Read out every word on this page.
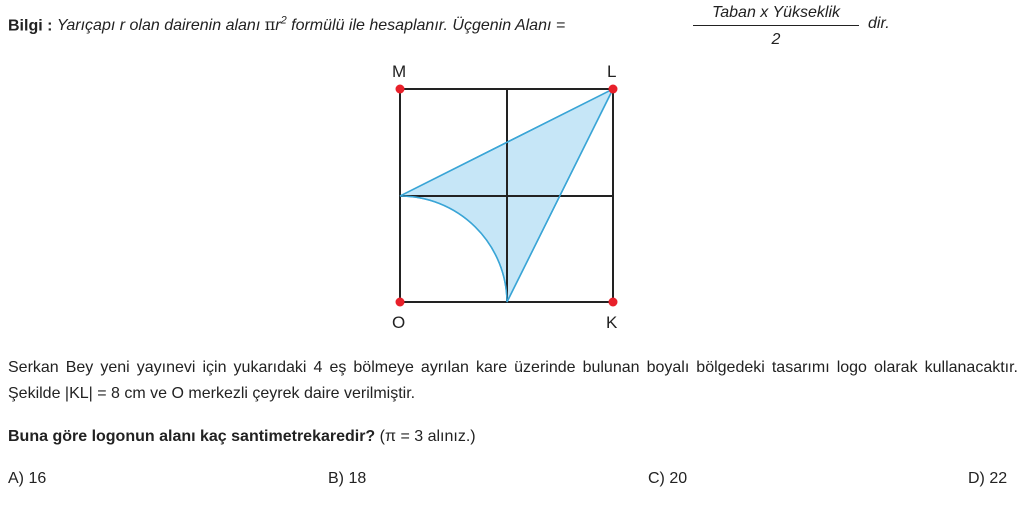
Bilgi : Yarıçapı r olan dairenin alanı $\pi r^2$ formülü ile hesaplanır. Üçgenin Alanı =
Taban x Yükseklik
2
dir.
M	L
O	K
Serkan Bey yeni yayınevi için yukarıdaki 4 eş bölmeye ayrılan kare üzerinde bulunan boyalı bölgedeki tasarımı logo olarak kullanacaktır. Şekilde |KL| = 8 cm ve O merkezli çeyrek daire verilmiştir.
Buna göre logonun alanı kaç santimetrekaredir? (π = 3 alınız.)
A) 16	B) 18	C) 20	D) 22
